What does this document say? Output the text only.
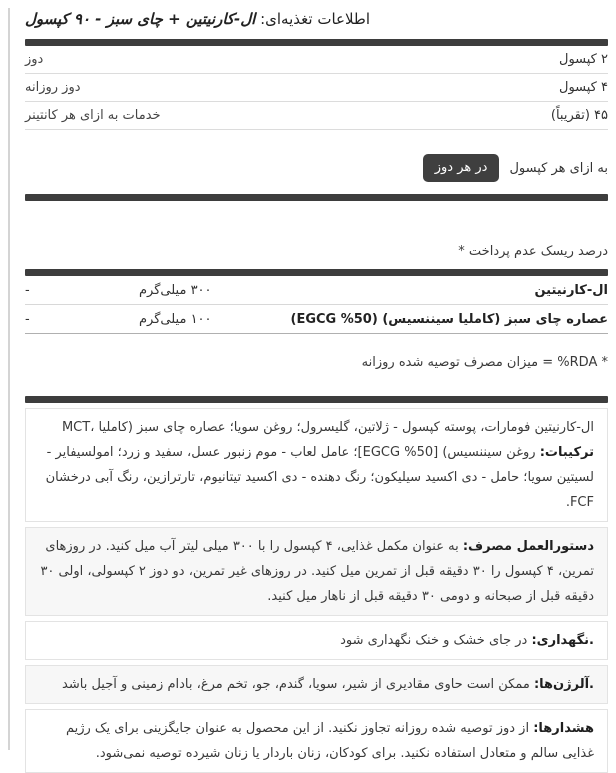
اطلاعات تغذیه‌ای: ال-کارنیتین + چای سبز - ۹۰ کپسول
۲ کپسول
دوز
۴ کپسول
دوز روزانه
۴۵ (تقریباً)
خدمات به ازای هر کانتینر
به ازای هر کپسول
در هر دوز
درصد ریسک عدم پرداخت *
ال-کارنیتین
۳۰۰ میلی‌گرم
-
عصاره چای سبز (کاملیا سیننسیس) (50% EGCG)
۱۰۰ میلی‌گرم
-
* RDA% = میزان مصرف توصیه شده روزانه
ال-کارنیتین فومارات، پوسته کپسول - ژلاتین، گلیسرول؛ روغن سویا؛ عصاره چای سبز (کاملیا ،MCT ترکیبات: روغن سیننسیس) [50% EGCG]؛ عامل لعاب - موم زنبور عسل، سفید و زرد؛ امولسیفایر - لسیتین سویا؛ حامل - دی اکسید سیلیکون؛ رنگ دهنده - دی اکسید تیتانیوم، تارترازین، رنگ آبی درخشان FCF.
دستورالعمل مصرف: به عنوان مکمل غذایی، ۴ کپسول را با ۳۰۰ میلی لیتر آب میل کنید. در روزهای تمرین، ۴ کپسول را ۳۰ دقیقه قبل از تمرین میل کنید. در روزهای غیر تمرین، دو دوز ۲ کپسولی، اولی ۳۰ دقیقه قبل از صبحانه و دومی ۳۰ دقیقه قبل از ناهار میل کنید.
.نگهداری: در جای خشک و خنک نگهداری شود
.آلرژن‌ها: ممکن است حاوی مقادیری از شیر، سویا، گندم، جو، تخم مرغ، بادام زمینی و آجیل باشد
هشدارها: از دوز توصیه شده روزانه تجاوز نکنید. از این محصول به عنوان جایگزینی برای یک رژیم غذایی سالم و متعادل استفاده نکنید. برای کودکان، زنان باردار یا زنان شیرده توصیه نمی‌شود.
